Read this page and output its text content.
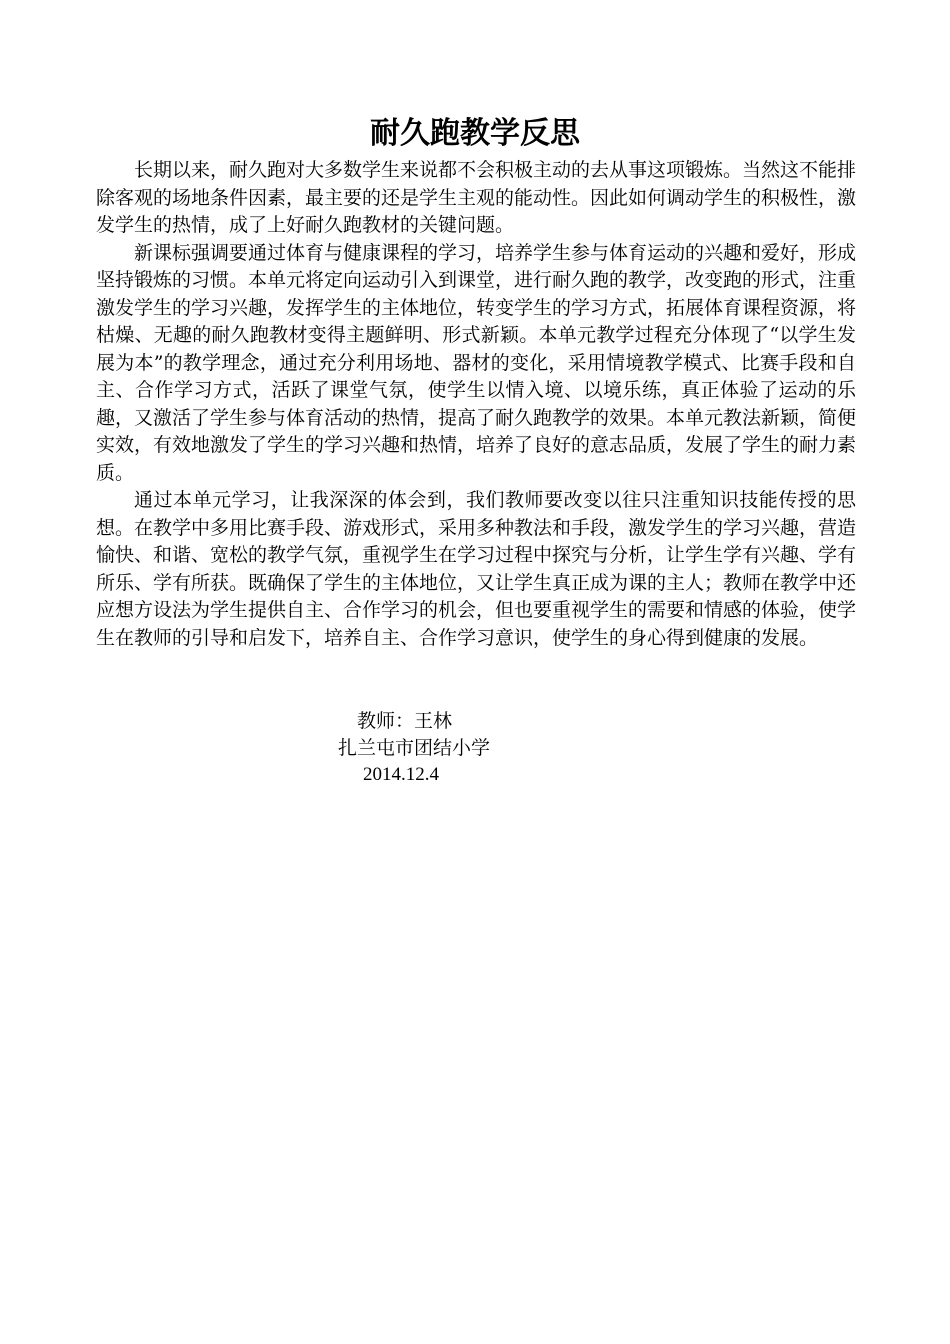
耐久跑教学反思

长期以来，耐久跑对大多数学生来说都不会积极主动的去从事这项锻炼。当然这不能排除客观的场地条件因素，最主要的还是学生主观的能动性。因此如何调动学生的积极性，激发学生的热情，成了上好耐久跑教材的关键问题。

新课标强调要通过体育与健康课程的学习，培养学生参与体育运动的兴趣和爱好，形成坚持锻炼的习惯。本单元将定向运动引入到课堂，进行耐久跑的教学，改变跑的形式，注重激发学生的学习兴趣，发挥学生的主体地位，转变学生的学习方式，拓展体育课程资源，将枯燥、无趣的耐久跑教材变得主题鲜明、形式新颖。本单元教学过程充分体现了“以学生发展为本”的教学理念，通过充分利用场地、器材的变化，采用情境教学模式、比赛手段和自主、合作学习方式，活跃了课堂气氛，使学生以情入境、以境乐练，真正体验了运动的乐趣，又激活了学生参与体育活动的热情，提高了耐久跑教学的效果。本单元教法新颖，简便实效，有效地激发了学生的学习兴趣和热情，培养了良好的意志品质，发展了学生的耐力素质。

通过本单元学习，让我深深的体会到，我们教师要改变以往只注重知识技能传授的思想。在教学中多用比赛手段、游戏形式，采用多种教法和手段，激发学生的学习兴趣，营造愉快、和谐、宽松的教学气氛，重视学生在学习过程中探究与分析，让学生学有兴趣、学有所乐、学有所获。既确保了学生的主体地位，又让学生真正成为课的主人；教师在教学中还应想方设法为学生提供自主、合作学习的机会，但也要重视学生的需要和情感的体验，使学生在教师的引导和启发下，培养自主、合作学习意识，使学生的身心得到健康的发展。

教师：王林

扎兰屯市团结小学

2014.12.4
